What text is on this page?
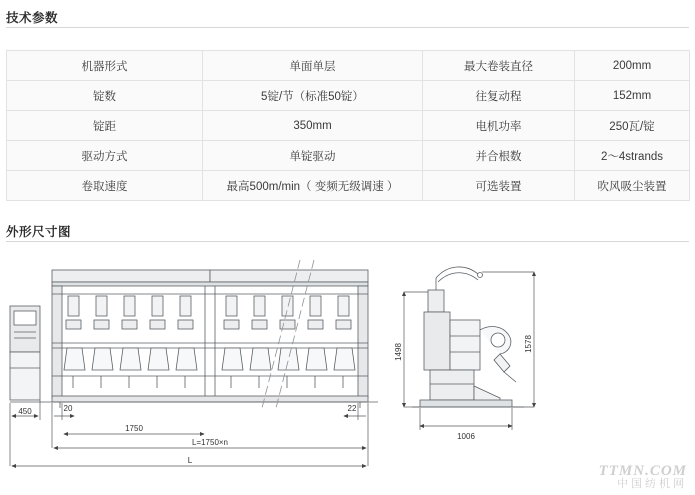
技术参数
机器形式	单面单层	最大卷装直径	200mm
锭数	5锭/节（标准50锭）	往复动程	152mm
锭距	350mm	电机功率	250瓦/锭
驱动方式	单锭驱动	并合根数	2～4strands
卷取速度	最高500m/min（ 变频无级调速 ）	可选装置	吹风吸尘装置
外形尺寸图
450	20
1750
22
L=1750×n
L
1498	1578
1006
TTMN.COM
中国纺机网
